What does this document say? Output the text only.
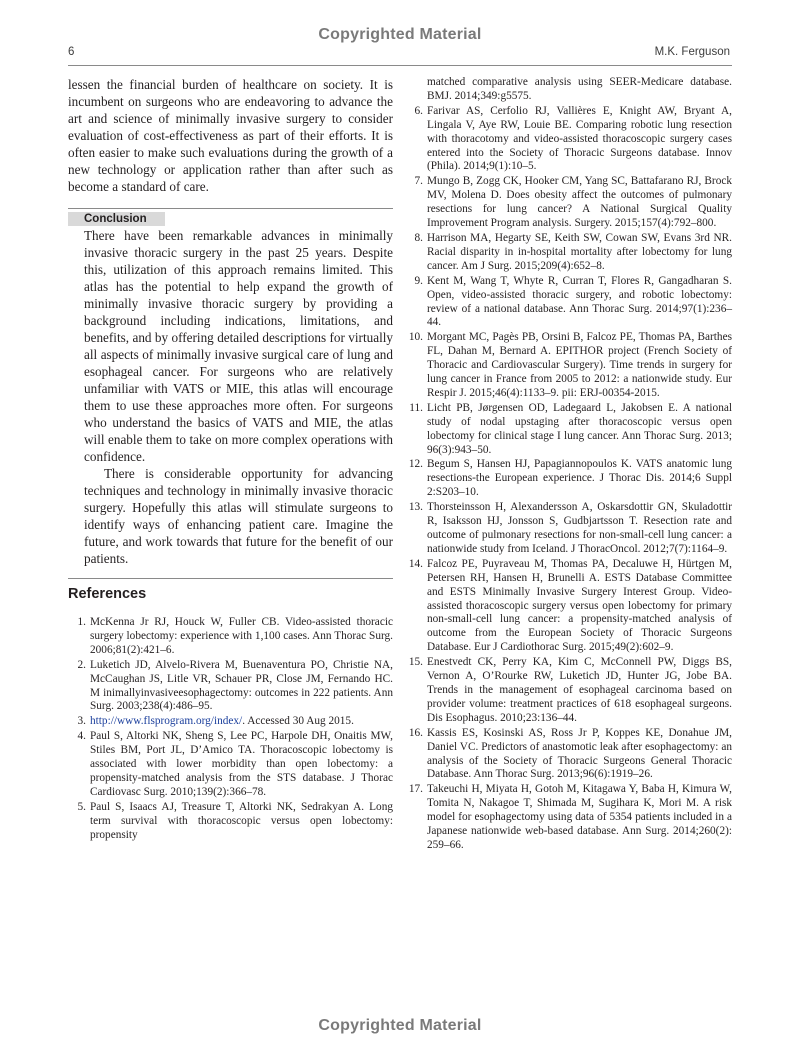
Copyrighted Material
6	M.K. Ferguson

lessen the financial burden of healthcare on society. It is incumbent on surgeons who are endeavoring to advance the art and science of minimally invasive surgery to consider evaluation of cost-effectiveness as part of their efforts. It is often easier to make such evaluations during the growth of a new technology or application rather than after such as become a standard of care.

Conclusion

There have been remarkable advances in minimally invasive thoracic surgery in the past 25 years. Despite this, utilization of this approach remains limited. This atlas has the potential to help expand the growth of minimally invasive thoracic surgery by providing a background including indications, limitations, and benefits, and by offering detailed descriptions for virtually all aspects of minimally invasive surgical care of lung and esophageal cancer. For surgeons who are relatively unfamiliar with VATS or MIE, this atlas will encourage them to use these approaches more often. For surgeons who understand the basics of VATS and MIE, the atlas will enable them to take on more complex operations with confidence.

There is considerable opportunity for advancing techniques and technology in minimally invasive thoracic surgery. Hopefully this atlas will stimulate surgeons to identify ways of enhancing patient care. Imagine the future, and work towards that future for the benefit of our patients.

References
1. McKenna Jr RJ, Houck W, Fuller CB. Video-assisted thoracic surgery lobectomy: experience with 1,100 cases. Ann Thorac Surg. 2006;81(2):421–6.
2. Luketich JD, Alvelo-Rivera M, Buenaventura PO, Christie NA, McCaughan JS, Litle VR, Schauer PR, Close JM, Fernando HC. M inimallyinvasiveesophagectomy: outcomes in 222 patients. Ann Surg. 2003;238(4):486–95.
3. http://www.flsprogram.org/index/. Accessed 30 Aug 2015.
4. Paul S, Altorki NK, Sheng S, Lee PC, Harpole DH, Onaitis MW, Stiles BM, Port JL, D’Amico TA. Thoracoscopic lobectomy is associated with lower morbidity than open lobectomy: a propensity-matched analysis from the STS database. J Thorac Cardiovasc Surg. 2010;139(2):366–78.
5. Paul S, Isaacs AJ, Treasure T, Altorki NK, Sedrakyan A. Long term survival with thoracoscopic versus open lobectomy: propensity

matched comparative analysis using SEER-Medicare database. BMJ. 2014;349:g5575.

6. Farivar AS, Cerfolio RJ, Vallières E, Knight AW, Bryant A, Lingala V, Aye RW, Louie BE. Comparing robotic lung resection with thoracotomy and video-assisted thoracoscopic surgery cases entered into the Society of Thoracic Surgeons database. Innov (Phila). 2014;9(1):10–5.
7. Mungo B, Zogg CK, Hooker CM, Yang SC, Battafarano RJ, Brock MV, Molena D. Does obesity affect the outcomes of pulmonary resections for lung cancer? A National Surgical Quality Improvement Program analysis. Surgery. 2015;157(4):792–800.
8. Harrison MA, Hegarty SE, Keith SW, Cowan SW, Evans 3rd NR. Racial disparity in in-hospital mortality after lobectomy for lung cancer. Am J Surg. 2015;209(4):652–8.
9. Kent M, Wang T, Whyte R, Curran T, Flores R, Gangadharan S. Open, video-assisted thoracic surgery, and robotic lobectomy: review of a national database. Ann Thorac Surg. 2014;97(1):236–44.
10. Morgant MC, Pagès PB, Orsini B, Falcoz PE, Thomas PA, Barthes FL, Dahan M, Bernard A. EPITHOR project (French Society of Thoracic and Cardiovascular Surgery). Time trends in surgery for lung cancer in France from 2005 to 2012: a nationwide study. Eur Respir J. 2015;46(4):1133–9. pii: ERJ-00354-2015.
11. Licht PB, Jørgensen OD, Ladegaard L, Jakobsen E. A national study of nodal upstaging after thoracoscopic versus open lobectomy for clinical stage I lung cancer. Ann Thorac Surg. 2013; 96(3):943–50.
12. Begum S, Hansen HJ, Papagiannopoulos K. VATS anatomic lung resections-the European experience. J Thorac Dis. 2014;6 Suppl 2:S203–10.
13. Thorsteinsson H, Alexandersson A, Oskarsdottir GN, Skuladottir R, Isaksson HJ, Jonsson S, Gudbjartsson T. Resection rate and outcome of pulmonary resections for non-small-cell lung cancer: a nationwide study from Iceland. J ThoracOncol. 2012;7(7):1164–9.
14. Falcoz PE, Puyraveau M, Thomas PA, Decaluwe H, Hürtgen M, Petersen RH, Hansen H, Brunelli A. ESTS Database Committee and ESTS Minimally Invasive Surgery Interest Group. Video-assisted thoracoscopic surgery versus open lobectomy for primary non-small-cell lung cancer: a propensity-matched analysis of outcome from the European Society of Thoracic Surgeons Database. Eur J Cardiothorac Surg. 2015;49(2):602–9.
15. Enestvedt CK, Perry KA, Kim C, McConnell PW, Diggs BS, Vernon A, O’Rourke RW, Luketich JD, Hunter JG, Jobe BA. Trends in the management of esophageal carcinoma based on provider volume: treatment practices of 618 esophageal surgeons. Dis Esophagus. 2010;23:136–44.
16. Kassis ES, Kosinski AS, Ross Jr P, Koppes KE, Donahue JM, Daniel VC. Predictors of anastomotic leak after esophagectomy: an analysis of the Society of Thoracic Surgeons General Thoracic Database. Ann Thorac Surg. 2013;96(6):1919–26.
17. Takeuchi H, Miyata H, Gotoh M, Kitagawa Y, Baba H, Kimura W, Tomita N, Nakagoe T, Shimada M, Sugihara K, Mori M. A risk model for esophagectomy using data of 5354 patients included in a Japanese nationwide web-based database. Ann Surg. 2014;260(2): 259–66.
Copyrighted Material
